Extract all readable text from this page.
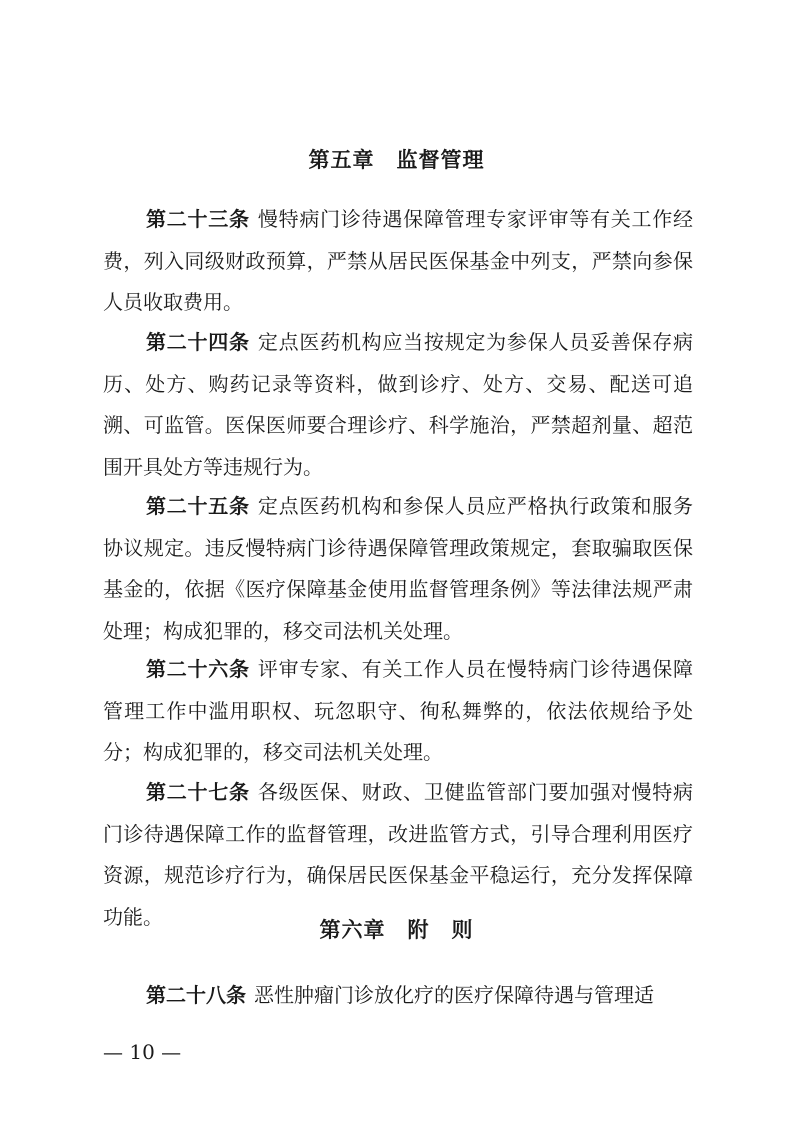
第五章　监督管理

第二十三条 慢特病门诊待遇保障管理专家评审等有关工作经费，列入同级财政预算，严禁从居民医保基金中列支，严禁向参保人员收取费用。

第二十四条 定点医药机构应当按规定为参保人员妥善保存病历、处方、购药记录等资料，做到诊疗、处方、交易、配送可追溯、可监管。医保医师要合理诊疗、科学施治，严禁超剂量、超范围开具处方等违规行为。

第二十五条 定点医药机构和参保人员应严格执行政策和服务协议规定。违反慢特病门诊待遇保障管理政策规定，套取骗取医保基金的，依据《医疗保障基金使用监督管理条例》等法律法规严肃处理；构成犯罪的，移交司法机关处理。

第二十六条 评审专家、有关工作人员在慢特病门诊待遇保障管理工作中滥用职权、玩忽职守、徇私舞弊的，依法依规给予处分；构成犯罪的，移交司法机关处理。

第二十七条 各级医保、财政、卫健监管部门要加强对慢特病门诊待遇保障工作的监督管理，改进监管方式，引导合理利用医疗资源，规范诊疗行为，确保居民医保基金平稳运行，充分发挥保障功能。

第六章　附　则

第二十八条 恶性肿瘤门诊放化疗的医疗保障待遇与管理适

— 10 —
